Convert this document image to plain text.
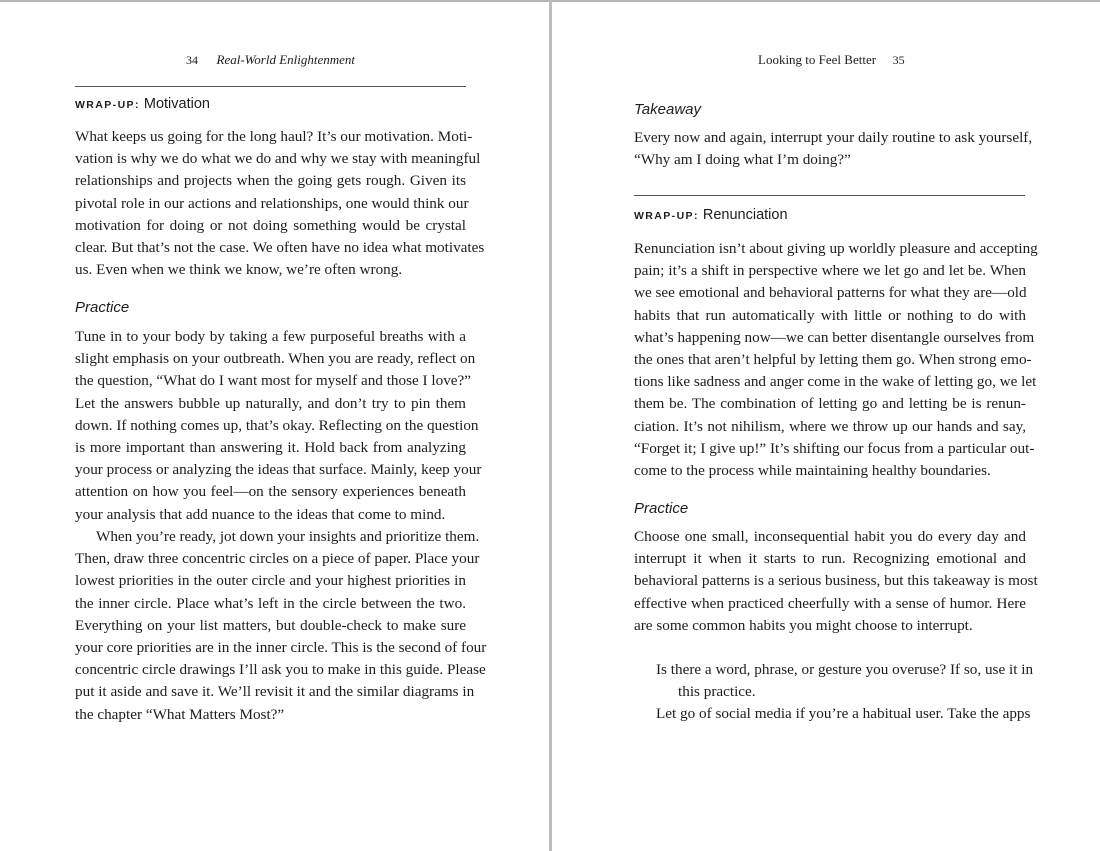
34 Real-World Enlightenment
WRAP-UP: Motivation
What keeps us going for the long haul? It’s our motivation. Moti-
vation is why we do what we do and why we stay with meaningful
relationships and projects when the going gets rough. Given its
pivotal role in our actions and relationships, one would think our
motivation for doing or not doing something would be crystal
clear. But that’s not the case. We often have no idea what motivates
us. Even when we think we know, we’re often wrong.
Practice
Tune in to your body by taking a few purposeful breaths with a
slight emphasis on your outbreath. When you are ready, reflect on
the question, “What do I want most for myself and those I love?”
Let the answers bubble up naturally, and don’t try to pin them
down. If nothing comes up, that’s okay. Reflecting on the question
is more important than answering it. Hold back from analyzing
your process or analyzing the ideas that surface. Mainly, keep your
attention on how you feel—on the sensory experiences beneath
your analysis that add nuance to the ideas that come to mind.
When you’re ready, jot down your insights and prioritize them.
Then, draw three concentric circles on a piece of paper. Place your
lowest priorities in the outer circle and your highest priorities in
the inner circle. Place what’s left in the circle between the two.
Everything on your list matters, but double-check to make sure
your core priorities are in the inner circle. This is the second of four
concentric circle drawings I’ll ask you to make in this guide. Please
put it aside and save it. We’ll revisit it and the similar diagrams in
the chapter “What Matters Most?”
Looking to Feel Better 35
Takeaway
Every now and again, interrupt your daily routine to ask yourself,
“Why am I doing what I’m doing?”
WRAP-UP: Renunciation
Renunciation isn’t about giving up worldly pleasure and accepting
pain; it’s a shift in perspective where we let go and let be. When
we see emotional and behavioral patterns for what they are—old
habits that run automatically with little or nothing to do with
what’s happening now—we can better disentangle ourselves from
the ones that aren’t helpful by letting them go. When strong emo-
tions like sadness and anger come in the wake of letting go, we let
them be. The combination of letting go and letting be is renun-
ciation. It’s not nihilism, where we throw up our hands and say,
“Forget it; I give up!” It’s shifting our focus from a particular out-
come to the process while maintaining healthy boundaries.
Practice
Choose one small, inconsequential habit you do every day and
interrupt it when it starts to run. Recognizing emotional and
behavioral patterns is a serious business, but this takeaway is most
effective when practiced cheerfully with a sense of humor. Here
are some common habits you might choose to interrupt.
Is there a word, phrase, or gesture you overuse? If so, use it in
this practice.
Let go of social media if you’re a habitual user. Take the apps
